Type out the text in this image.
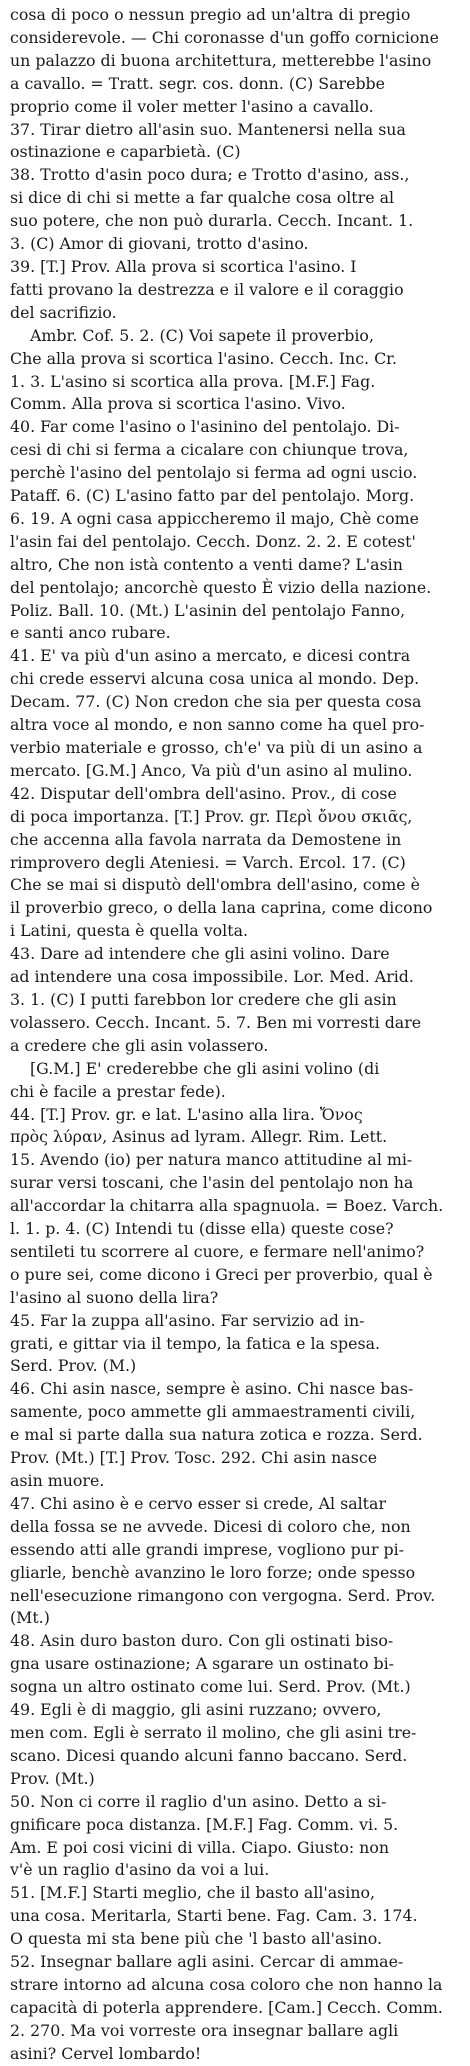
cosa di poco o nessun pregio ad un'altra di pregio
considerevole. — Chi coronasse d'un goffo cornicione
un palazzo di buona architettura, metterebbe l'asino
a cavallo. = Tratt. segr. cos. donn. (C) Sarebbe
proprio come il voler metter l'asino a cavallo.
37. Tirar dietro all'asin suo. Mantenersi nella sua
ostinazione e caparbietà. (C)
38. Trotto d'asin poco dura; e Trotto d'asino, ass.,
si dice di chi si mette a far qualche cosa oltre al
suo potere, che non può durarla. Cecch. Incant. 1.
3. (C) Amor di giovani, trotto d'asino.
39. [T.] Prov. Alla prova si scortica l'asino. I
fatti provano la destrezza e il valore e il coraggio
del sacrifizio.
Ambr. Cof. 5. 2. (C) Voi sapete il proverbio,
Che alla prova si scortica l'asino. Cecch. Inc. Cr.
1. 3. L'asino si scortica alla prova. [M.F.] Fag.
Comm. Alla prova si scortica l'asino. Vivo.
40. Far come l'asino o l'asinino del pentolajo. Di-
cesi di chi si ferma a cicalare con chiunque trova,
perchè l'asino del pentolajo si ferma ad ogni uscio.
Pataff. 6. (C) L'asino fatto par del pentolajo. Morg.
6. 19. A ogni casa appiccheremo il majo, Chè come
l'asin fai del pentolajo. Cecch. Donz. 2. 2. E cotest'
altro, Che non istà contento a venti dame? L'asin
del pentolajo; ancorchè questo È vizio della nazione.
Poliz. Ball. 10. (Mt.) L'asinin del pentolajo Fanno,
e santi anco rubare.
41. E' va più d'un asino a mercato, e dicesi contra
chi crede esservi alcuna cosa unica al mondo. Dep.
Decam. 77. (C) Non credon che sia per questa cosa
altra voce al mondo, e non sanno come ha quel pro-
verbio materiale e grosso, ch'e' va più di un asino a
mercato. [G.M.] Anco, Va più d'un asino al mulino.
42. Disputar dell'ombra dell'asino. Prov., di cose
di poca importanza. [T.] Prov. gr. Περὶ ὄνου σκιᾶς,
che accenna alla favola narrata da Demostene in
rimprovero degli Ateniesi. = Varch. Ercol. 17. (C)
Che se mai si disputò dell'ombra dell'asino, come è
il proverbio greco, o della lana caprina, come dicono
i Latini, questa è quella volta.
43. Dare ad intendere che gli asini volino. Dare
ad intendere una cosa impossibile. Lor. Med. Arid.
3. 1. (C) I putti farebbon lor credere che gli asin
volassero. Cecch. Incant. 5. 7. Ben mi vorresti dare
a credere che gli asin volassero.
[G.M.] E' crederebbe che gli asini volino (di
chi è facile a prestar fede).
44. [T.] Prov. gr. e lat. L'asino alla lira. Ὄνος
πρὸς λύραν, Asinus ad lyram. Allegr. Rim. Lett.
15. Avendo (io) per natura manco attitudine al mi-
surar versi toscani, che l'asin del pentolajo non ha
all'accordar la chitarra alla spagnuola. = Boez. Varch.
l. 1. p. 4. (C) Intendi tu (disse ella) queste cose?
sentileti tu scorrere al cuore, e fermare nell'animo?
o pure sei, come dicono i Greci per proverbio, qual è
l'asino al suono della lira?
45. Far la zuppa all'asino. Far servizio ad in-
grati, e gittar via il tempo, la fatica e la spesa.
Serd. Prov. (M.)
46. Chi asin nasce, sempre è asino. Chi nasce bas-
samente, poco ammette gli ammaestramenti civili,
e mal si parte dalla sua natura zotica e rozza. Serd.
Prov. (Mt.) [T.] Prov. Tosc. 292. Chi asin nasce
asin muore.
47. Chi asino è e cervo esser si crede, Al saltar
della fossa se ne avvede. Dicesi di coloro che, non
essendo atti alle grandi imprese, vogliono pur pi-
gliarle, benchè avanzino le loro forze; onde spesso
nell'esecuzione rimangono con vergogna. Serd. Prov.
(Mt.)
48. Asin duro baston duro. Con gli ostinati biso-
gna usare ostinazione; A sgarare un ostinato bi-
sogna un altro ostinato come lui. Serd. Prov. (Mt.)
49. Egli è di maggio, gli asini ruzzano; ovvero,
men com. Egli è serrato il molino, che gli asini tre-
scano. Dicesi quando alcuni fanno baccano. Serd.
Prov. (Mt.)
50. Non ci corre il raglio d'un asino. Detto a si-
gnificare poca distanza. [M.F.] Fag. Comm. vi. 5.
Am. E poi cosi vicini di villa. Ciapo. Giusto: non
v'è un raglio d'asino da voi a lui.
51. [M.F.] Starti meglio, che il basto all'asino,
una cosa. Meritarla, Starti bene. Fag. Cam. 3. 174.
O questa mi sta bene più che 'l basto all'asino.
52. Insegnar ballare agli asini. Cercar di ammae-
strare intorno ad alcuna cosa coloro che non hanno la
capacità di poterla apprendere. [Cam.] Cecch. Comm.
2. 270. Ma voi vorreste ora insegnar ballare agli
asini? Cervel lombardo!
